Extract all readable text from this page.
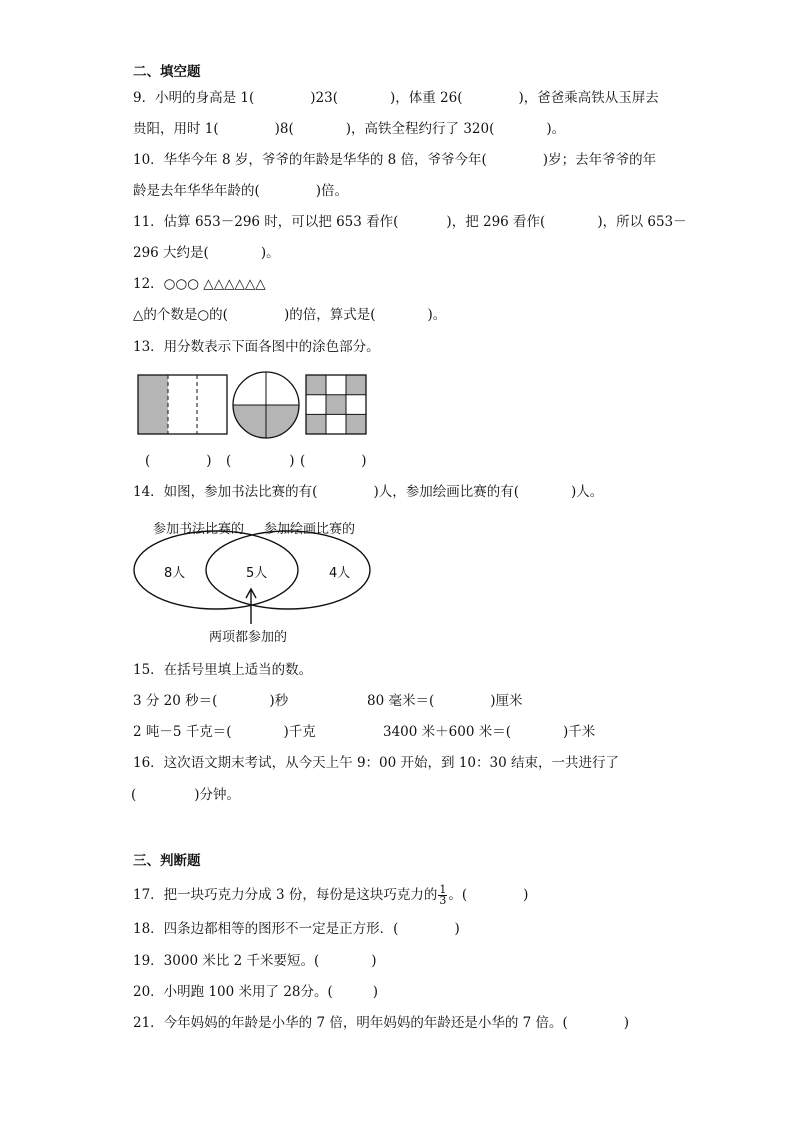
二、填空题
9．小明的身高是 1(	)23(	)，体重 26(	)，爸爸乘高铁从玉屏去
贵阳，用时 1(	)8(	)，高铁全程约行了 320(	)。
10．华华今年 8 岁，爷爷的年龄是华华的 8 倍，爷爷今年(	)岁；去年爷爷的年
龄是去年华华年龄的(	)倍。
11．估算 653－296 时，可以把 653 看作(	)，把 296 看作(	)，所以 653－
296 大约是(	)。
12．○○○ △△△△△△
△的个数是○的(	)的倍，算式是(	)。
13．用分数表示下面各图中的涂色部分。
(	) (	) (	)
14．如图，参加书法比赛的有(	)人，参加绘画比赛的有(	)人。
参加书法比赛的 参加绘画比赛的
8人	5人	4人
两项都参加的
15．在括号里填上适当的数。
3 分 20 秒＝(	)秒	80 毫米＝(	)厘米
2 吨－5 千克＝(	)千克	3400 米＋600 米＝(	)千米
16．这次语文期末考试，从今天上午 9：00 开始，到 10：30 结束，一共进行了
(	)分钟。
三、判断题
17．把一块巧克力分成 3 份，每份是这块巧克力的 $\frac{1}{3}$ 。(	)
18．四条边都相等的图形不一定是正方形．(	)
19．3000 米比 2 千米要短。(	)
20．小明跑 100 米用了 28分。(	)
21．今年妈妈的年龄是小华的 7 倍，明年妈妈的年龄还是小华的 7 倍。(	)
